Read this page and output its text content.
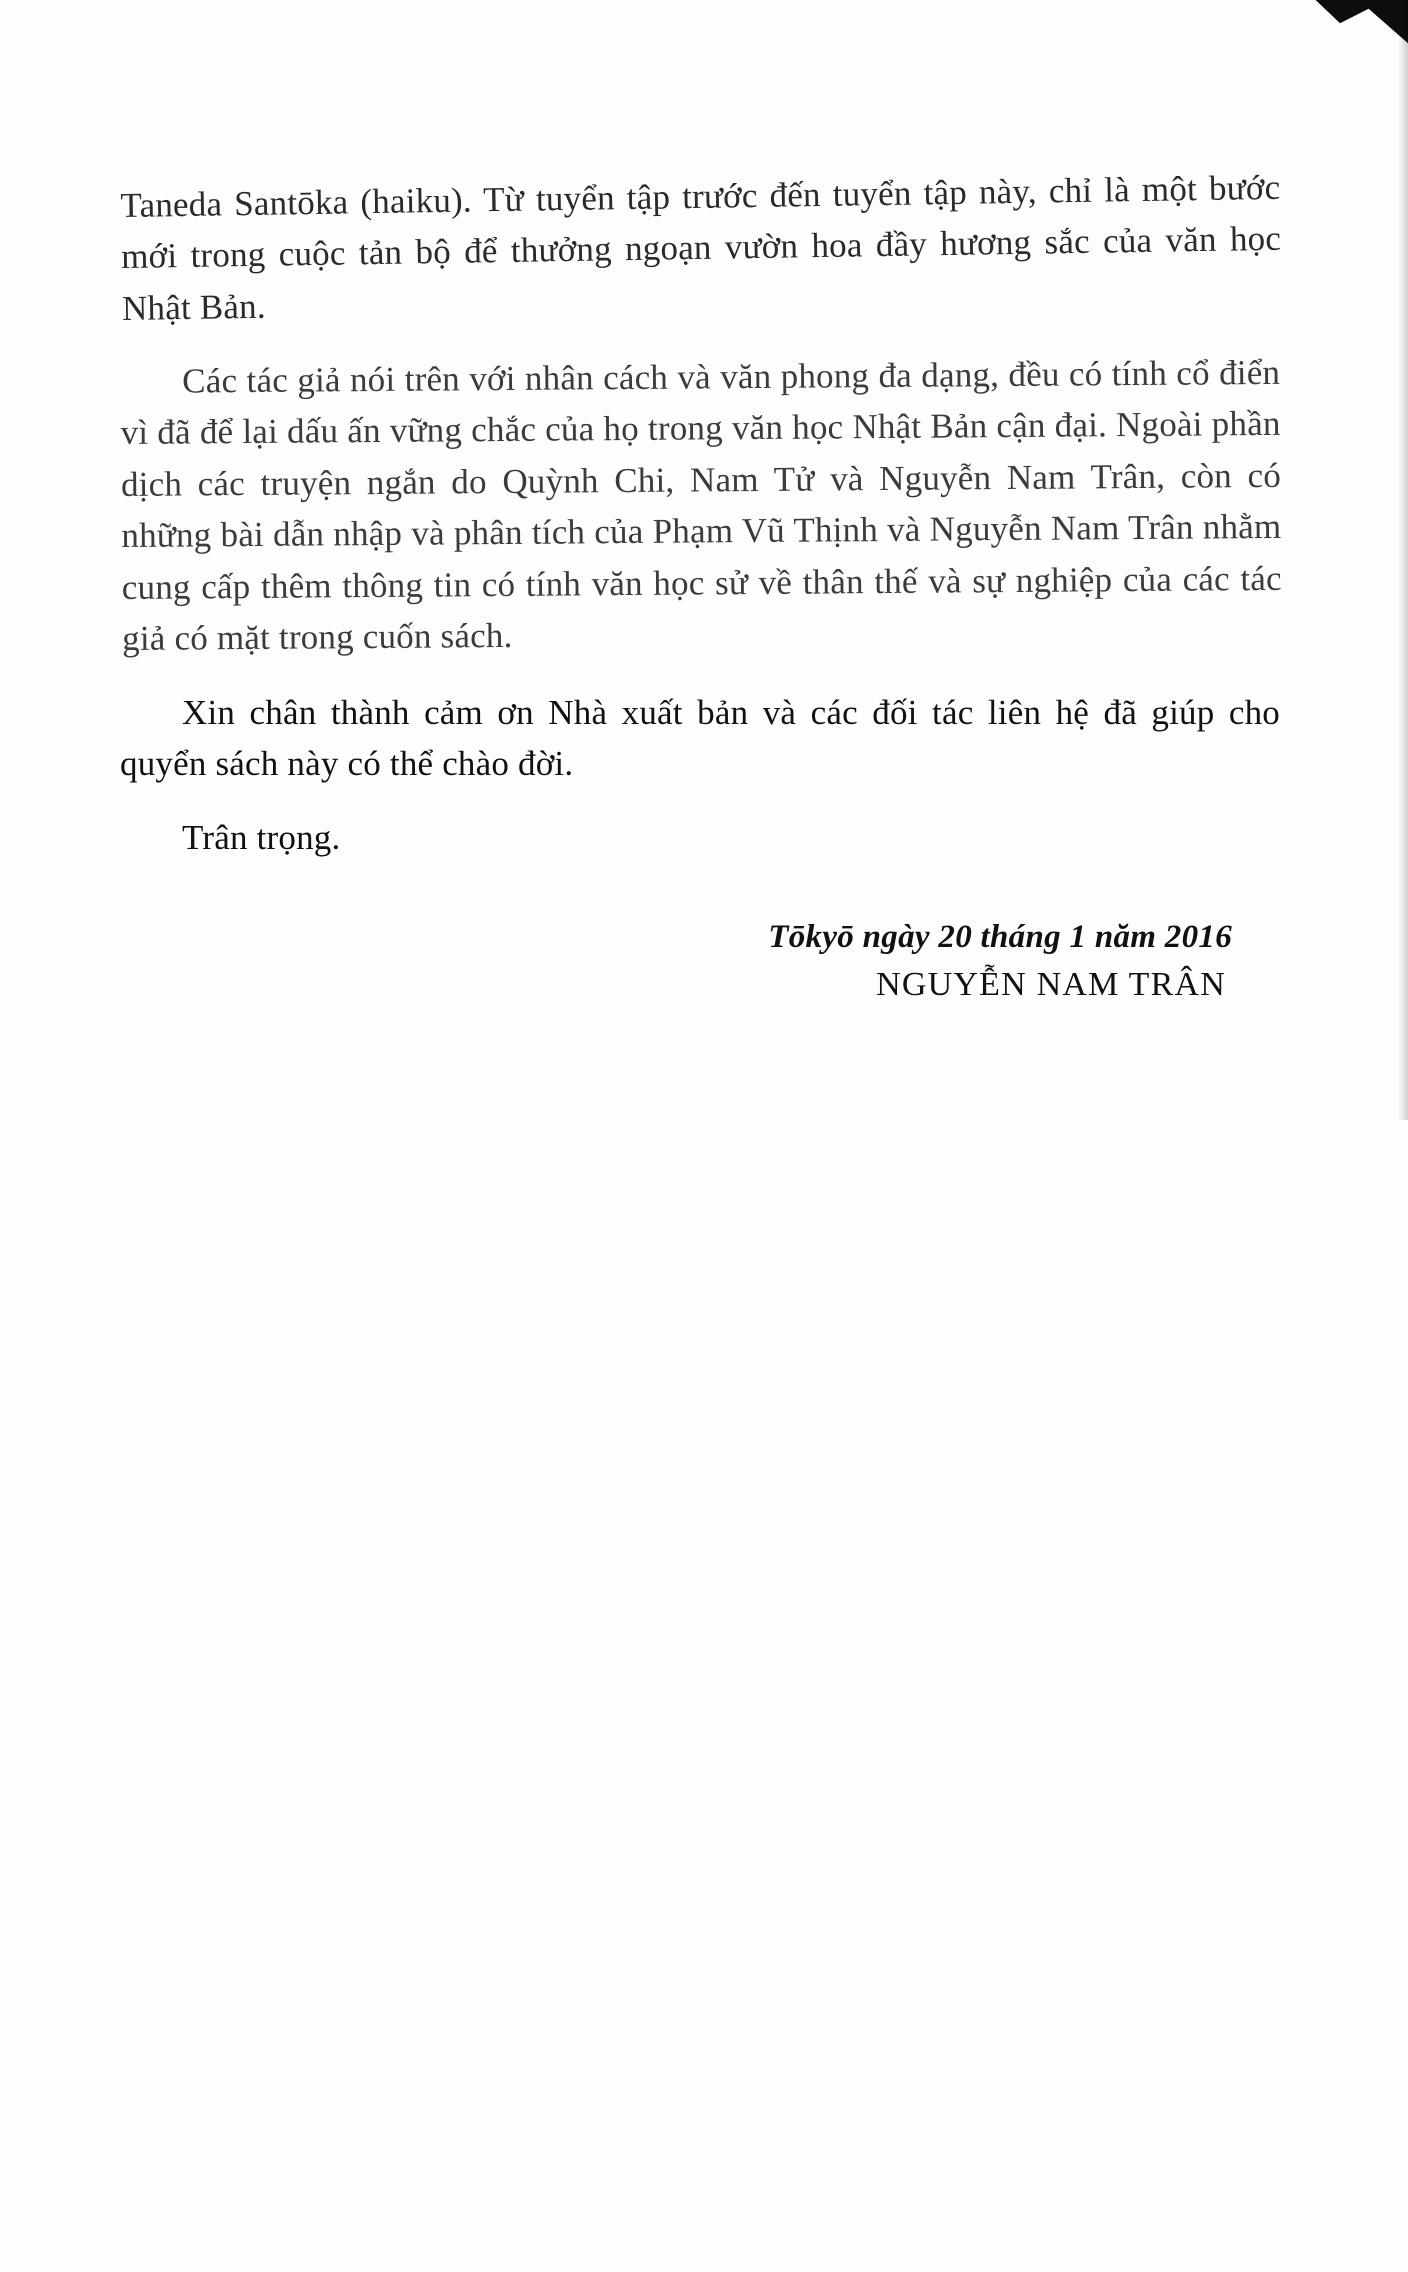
Taneda Santōka (haiku). Từ tuyển tập trước đến tuyển tập này, chỉ là một bước mới trong cuộc tản bộ để thưởng ngoạn vườn hoa đầy hương sắc của văn học Nhật Bản.

Các tác giả nói trên với nhân cách và văn phong đa dạng, đều có tính cổ điển vì đã để lại dấu ấn vững chắc của họ trong văn học Nhật Bản cận đại. Ngoài phần dịch các truyện ngắn do Quỳnh Chi, Nam Tử và Nguyễn Nam Trân, còn có những bài dẫn nhập và phân tích của Phạm Vũ Thịnh và Nguyễn Nam Trân nhằm cung cấp thêm thông tin có tính văn học sử về thân thế và sự nghiệp của các tác giả có mặt trong cuốn sách.

Xin chân thành cảm ơn Nhà xuất bản và các đối tác liên hệ đã giúp cho quyển sách này có thể chào đời.

Trân trọng.

Tōkyō ngày 20 tháng 1 năm 2016
NGUYỄN NAM TRÂN
